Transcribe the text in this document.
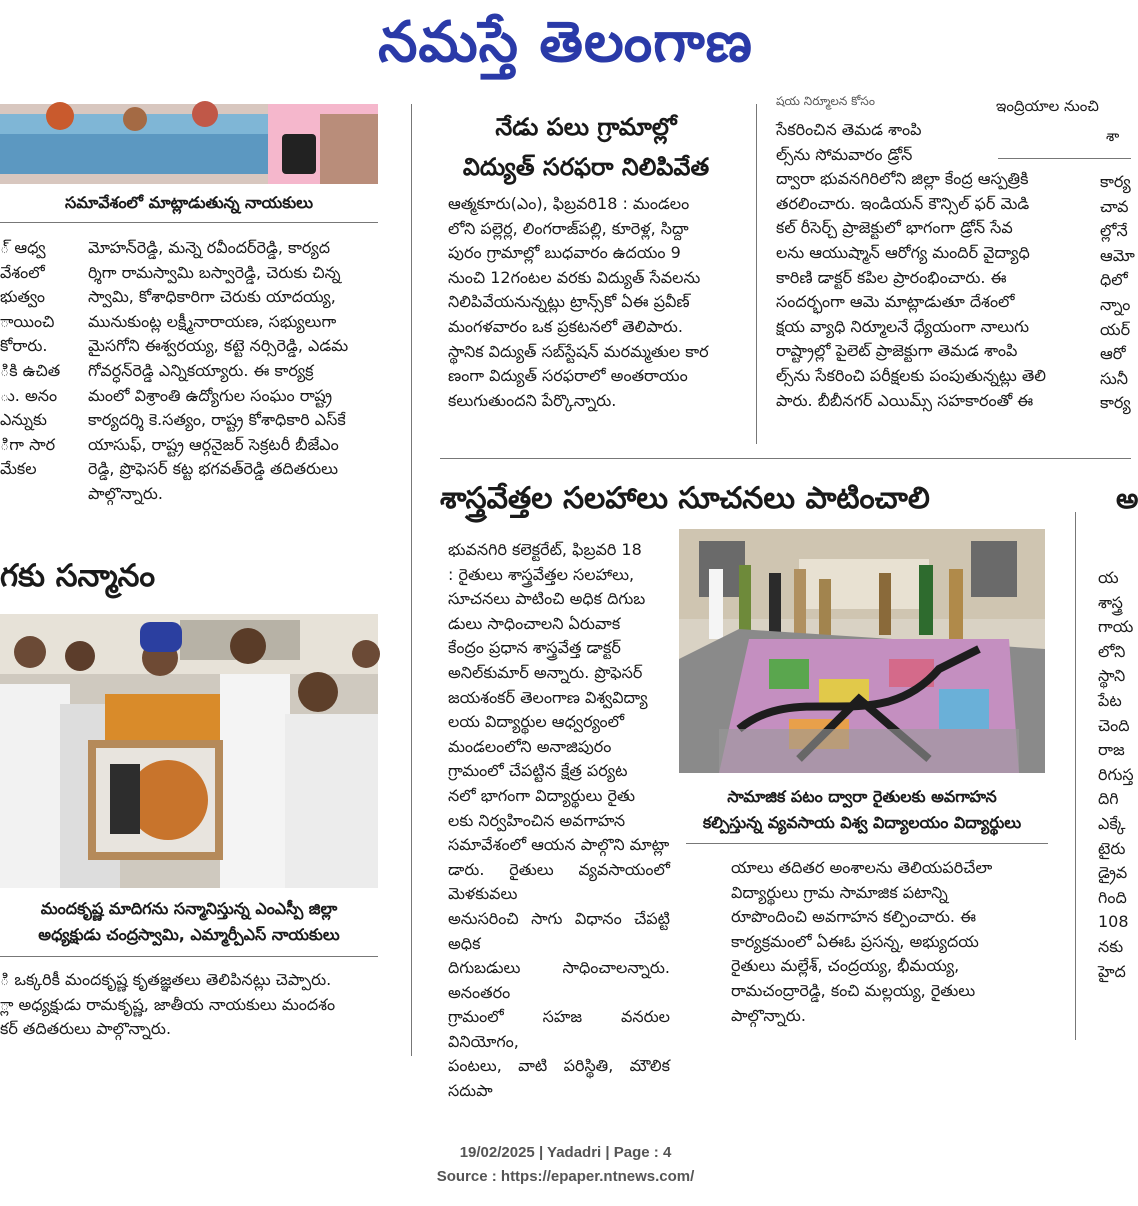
నమస్తే తెలంగాణ
సమావేశంలో మాట్లాడుతున్న నాయకులు
్‌ ఆధ్వ
వేశంలో
భుత్వం
ాయించి
కోరారు.
ికి ఉచిత
ు. అనం
ఎన్నుకు
ిగా సార
మేకల
మోహన్‌రెడ్డి, మన్నె రవీందర్‌రెడ్డి, కార్యద
ర్శిగా రామస్వామి బస్వారెడ్డి, చెరుకు చిన్న
స్వామి, కోశాధికారిగా చెరుకు యాదయ్య,
మునుకుంట్ల లక్ష్మీనారాయణ, సభ్యులుగా
మైసగోని ఈశ్వరయ్య, కట్టె నర్సిరెడ్డి, ఎడమ
గోవర్ధన్‌రెడ్డి ఎన్నికయ్యారు. ఈ కార్యక్ర
మంలో విశ్రాంతి ఉద్యోగుల సంఘం రాష్ట్ర
కార్యదర్శి కె.సత్యం, రాష్ట్ర కోశాధికారి ఎస్‌కే
యాసుఫ్‌, రాష్ట్ర ఆర్గనైజర్‌ సెక్రటరీ బీజేఎం
రెడ్డి, ప్రొఫెసర్‌ కట్ట భగవత్‌రెడ్డి తదితరులు
పాల్గొన్నారు.
గకు సన్మానం
మందకృష్ణ మాదిగను సన్మానిస్తున్న ఎంఎస్పీ జిల్లా
అధ్యక్షుడు చంద్రస్వామి, ఎమ్మార్పీఎస్‌ నాయకులు
ి ఒక్కరికీ మందకృష్ణ కృతజ్ఞతలు తెలిపినట్లు చెప్పారు.
్లా అధ్యక్షుడు రామకృష్ణ, జాతీయ నాయకులు మందశం
కర్‌ తదితరులు పాల్గొన్నారు.
నేడు పలు గ్రామాల్లో
విద్యుత్‌ సరఫరా నిలిపివేత
ఆత్మకూరు(ఎం), ఫిబ్రవరి18 : మండలం
లోని పల్లెర్ల, లింగరాజ్‌పల్లి, కూరెళ్ల, సిద్దా
పురం గ్రామాల్లో బుధవారం ఉదయం 9
నుంచి 12గంటల వరకు విద్యుత్‌ సేవలను
నిలిపివేయనున్నట్లు ట్రాన్స్‌కో ఏఈ ప్రవీణ్‌
మంగళవారం ఒక ప్రకటనలో తెలిపారు.
స్థానిక విద్యుత్‌ సబ్‌స్టేషన్‌ మరమ్మతుల కార
ణంగా విద్యుత్‌ సరఫరాలో అంతరాయం
కలుగుతుందని పేర్కొన్నారు.
షయ నిర్మూలన కోసం
సేకరించిన తెమడ శాంపి
ల్స్‌ను సోమవారం డ్రోన్‌
ద్వారా భువనగిరిలోని జిల్లా కేంద్ర ఆస్పత్రికి
తరలించారు. ఇండియన్‌ కౌన్సిల్‌ ఫర్‌ మెడి
కల్‌ రీసెర్చ్‌ ప్రాజెక్టులో భాగంగా డ్రోన్‌ సేవ
లను ఆయుష్మాన్‌ ఆరోగ్య మందిర్‌ వైద్యాధి
కారిణి డాక్టర్‌ కపిల ప్రారంభించారు. ఈ
సందర్భంగా ఆమె మాట్లాడుతూ దేశంలో
క్షయ వ్యాధి నిర్మూలనే ధ్యేయంగా నాలుగు
రాష్ట్రాల్లో పైలెట్‌ ప్రాజెక్టుగా తెమడ శాంపి
ల్స్‌ను సేకరించి పరీక్షలకు పంపుతున్నట్లు తెలి
పారు. బీబీనగర్‌ ఎయిమ్స్‌ సహకారంతో ఈ
ఇంద్రియాల నుంచి
శా
కార్య
చావ
ల్లోనే
ఆమో
ధిలో
న్నాం
యర్‌
ఆరో
సునీ
కార్య
శాస్త్రవేత్తల సలహాలు సూచనలు పాటించాలి
భువనగిరి కలెక్టరేట్‌, ఫిబ్రవరి 18
: రైతులు శాస్త్రవేత్తల సలహాలు,
సూచనలు పాటించి అధిక దిగుబ
డులు సాధించాలని ఏరువాక
కేంద్రం ప్రధాన శాస్త్రవేత్త డాక్టర్‌
అనిల్‌కుమార్‌ అన్నారు. ప్రొఫెసర్‌
జయశంకర్‌ తెలంగాణ విశ్వవిద్యా
లయ విద్యార్థుల ఆధ్వర్యంలో
మండలంలోని అనాజిపురం
గ్రామంలో చేపట్టిన క్షేత్ర పర్యట
నలో భాగంగా విద్యార్థులు రైతు
లకు నిర్వహించిన అవగాహన
సమావేశంలో ఆయన పాల్గొని మాట్లా
డారు. రైతులు వ్యవసాయంలో మెళకువలు
అనుసరించి సాగు విధానం చేపట్టి అధిక
దిగుబడులు సాధించాలన్నారు. అనంతరం
గ్రామంలో సహజ వనరుల వినియోగం,
పంటలు, వాటి పరిస్థితి, మౌలిక సదుపా
సామాజిక పటం ద్వారా రైతులకు అవగాహన
కల్పిస్తున్న వ్యవసాయ విశ్వ విద్యాలయం విద్యార్థులు
యాలు తదితర అంశాలను తెలియపరిచేలా
విద్యార్థులు గ్రామ సామాజిక పటాన్ని
రూపొందించి అవగాహన కల్పించారు. ఈ
కార్యక్రమంలో ఏఈఓ ప్రసన్న, అభ్యుదయ
రైతులు మల్లేశ్‌, చంద్రయ్య, భీమయ్య,
రామచంద్రారెడ్డి, కంచి మల్లయ్య, రైతులు
పాల్గొన్నారు.
అ
య
శాస్త్ర
గాయ
లోని
స్థాని
పేట
చెంది
రాజ
రిగుస్త
దిగి
ఎక్కే
టైరు
డ్రైవ
గింది
108
నకు
హైద
19/02/2025 | Yadadri | Page : 4
Source : https://epaper.ntnews.com/
